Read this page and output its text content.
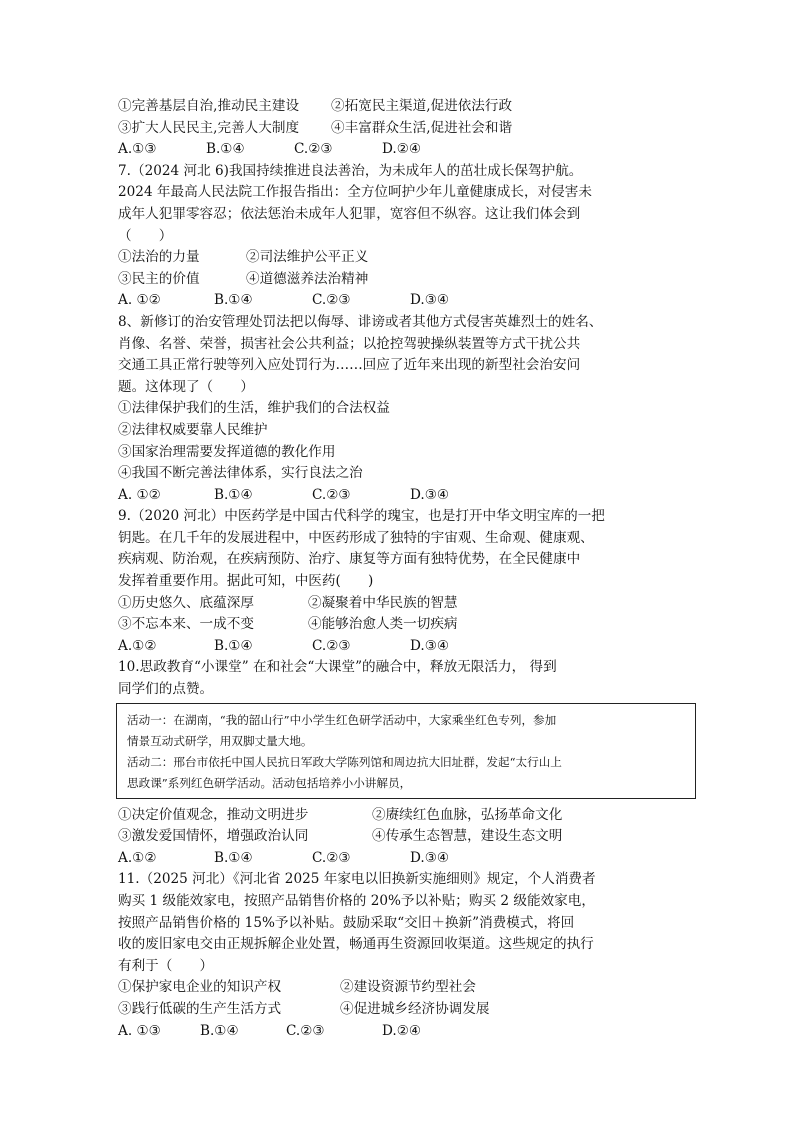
①完善基层自治,推动民主建设 ②拓宽民主渠道,促进依法行政
③扩大人民民主,完善人大制度 ④丰富群众生活,促进社会和谐
A.①③	B.①④	C.②③	D.②④
7.（2024 河北 6)我国持续推进良法善治，为未成年人的茁壮成长保驾护航。
2024 年最高人民法院工作报告指出：全方位呵护少年儿童健康成长，对侵害未
成年人犯罪零容忍；依法惩治未成年人犯罪，宽容但不纵容。这让我们体会到
（　　）
①法治的力量	②司法维护公平正义
③民主的价值	④道德滋养法治精神
A. ①②	B.①④	C.②③	D.③④
8、新修订的治安管理处罚法把以侮辱、诽谤或者其他方式侵害英雄烈士的姓名、
肖像、名誉、荣誉，损害社会公共利益；以抢控驾驶操纵装置等方式干扰公共
交通工具正常行驶等列入应处罚行为……回应了近年来出现的新型社会治安问
题。这体现了（　　）
①法律保护我们的生活，维护我们的合法权益
②法律权威要靠人民维护
③国家治理需要发挥道德的教化作用
④我国不断完善法律体系，实行良法之治
A. ①②	B.①④	C.②③	D.③④
9.（2020 河北）中医药学是中国古代科学的瑰宝，也是打开中华文明宝库的一把
钥匙。在几千年的发展进程中，中医药形成了独特的宇宙观、生命观、健康观、
疾病观、防治观，在疾病预防、治疗、康复等方面有独特优势，在全民健康中
发挥着重要作用。据此可知，中医药(　　)
①历史悠久、底蕴深厚	②凝聚着中华民族的智慧
③不忘本来、一成不变	④能够治愈人类一切疾病
A.①②	B.①④	C.②③	D.③④
10.思政教育“小课堂” 在和社会“大课堂”的融合中，释放无限活力， 得到
同学们的点赞。
活动一：在湖南，“我的韶山行”中小学生红色研学活动中，大家乘坐红色专列，参加
情景互动式研学，用双脚丈量大地。
活动二：邢台市依托中国人民抗日军政大学陈列馆和周边抗大旧址群，发起“太行山上
思政课”系列红色研学活动。活动包括培养小小讲解员，
①决定价值观念，推动文明进步	②赓续红色血脉，弘扬革命文化
③激发爱国情怀，增强政治认同	④传承生态智慧，建设生态文明
A.①②	B.①④	C.②③	D.③④
11.（2025 河北）《河北省 2025 年家电以旧换新实施细则》规定，个人消费者
购买 1 级能效家电，按照产品销售价格的 20%予以补贴；购买 2 级能效家电，
按照产品销售价格的 15%予以补贴。鼓励采取“交旧＋换新”消费模式，将回
收的废旧家电交由正规拆解企业处置，畅通再生资源回收渠道。这些规定的执行
有利于（　　）
①保护家电企业的知识产权	②建设资源节约型社会
③践行低碳的生产生活方式	④促进城乡经济协调发展
A. ①③	B.①④	C.②③	D.②④
